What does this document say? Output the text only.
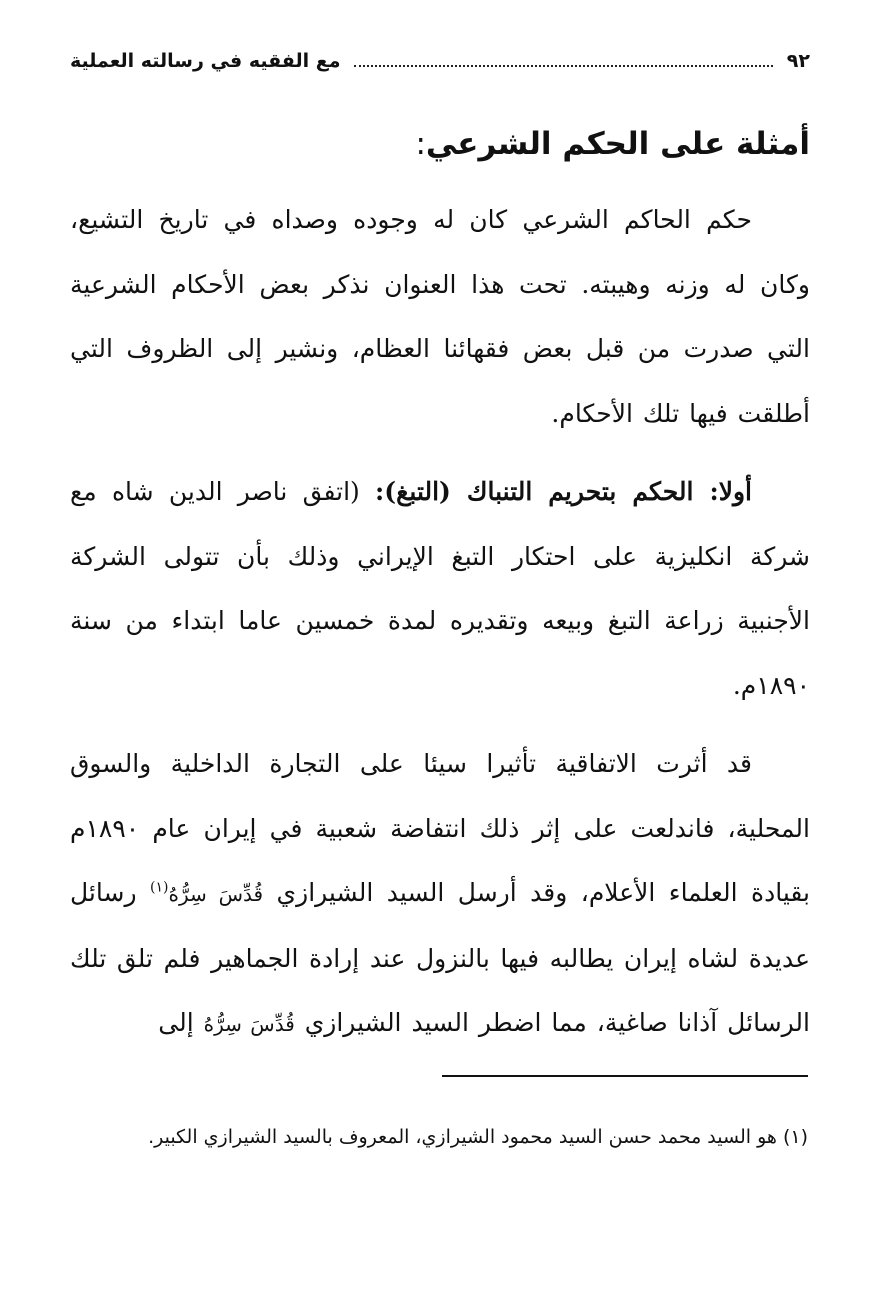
٩٢
مع الفقيه في رسالته العملية
أمثلة على الحكم الشرعي:

حكم الحاكم الشرعي كان له وجوده وصداه في تاريخ التشيع، وكان له وزنه وهيبته. تحت هذا العنوان نذكر بعض الأحكام الشرعية التي صدرت من قبل بعض فقهائنا العظام، ونشير إلى الظروف التي أطلقت فيها تلك الأحكام.

أولا: الحكم بتحريم التنباك (التبغ): (اتفق ناصر الدين شاه مع شركة انكليزية على احتكار التبغ الإيراني وذلك بأن تتولى الشركة الأجنبية زراعة التبغ وبيعه وتقديره لمدة خمسين عاما ابتداء من سنة ١٨٩٠م.

قد أثرت الاتفاقية تأثيرا سيئا على التجارة الداخلية والسوق المحلية، فاندلعت على إثر ذلك انتفاضة شعبية في إيران عام ١٨٩٠م بقيادة العلماء الأعلام، وقد أرسل السيد الشيرازي قُدِّسَ سِرُّهُ$^{(١)}$ رسائل عديدة لشاه إيران يطالبه فيها بالنزول عند إرادة الجماهير فلم تلق تلك الرسائل آذانا صاغية، مما اضطر السيد الشيرازي قُدِّسَ سِرُّهُ إلى

(١) هو السيد محمد حسن السيد محمود الشيرازي، المعروف بالسيد الشيرازي الكبير.
